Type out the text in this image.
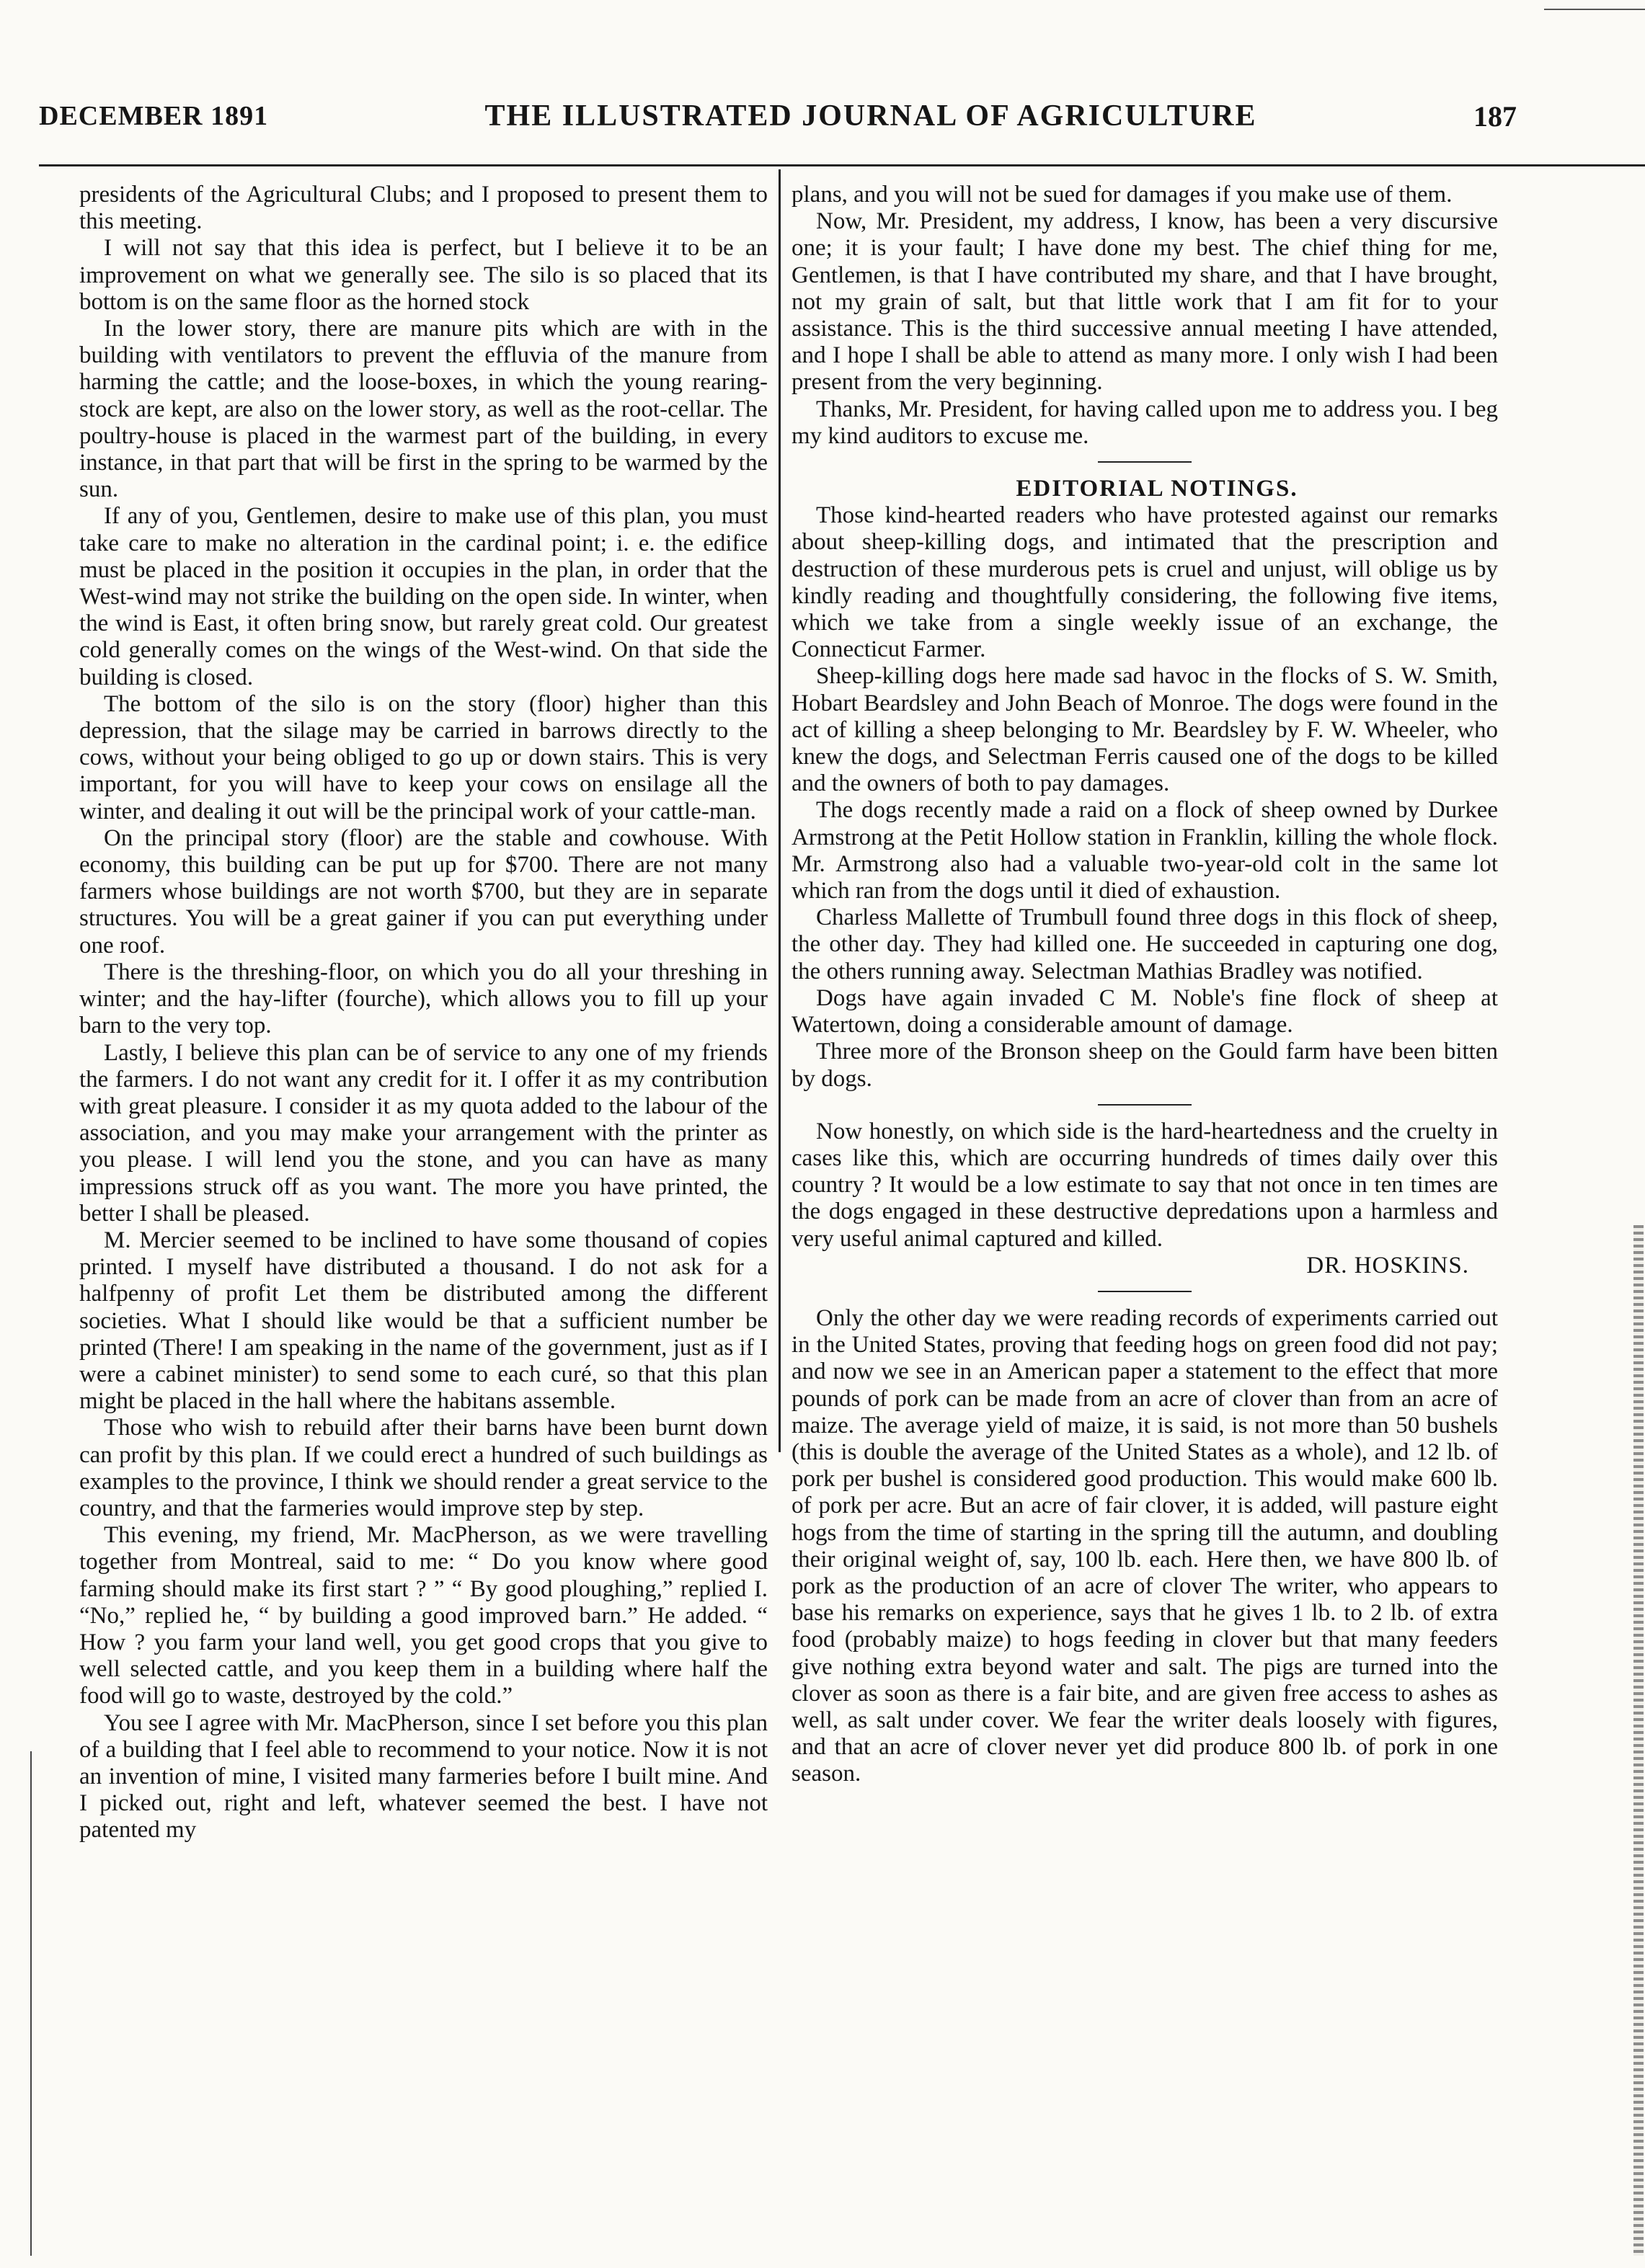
DECEMBER 1891	THE ILLUSTRATED JOURNAL OF AGRICULTURE	187

presidents of the Agricultural Clubs; and I proposed to present them to this meeting.

I will not say that this idea is perfect, but I believe it to be an improvement on what we generally see. The silo is so placed that its bottom is on the same floor as the horned stock

In the lower story, there are manure pits which are with in the building with ventilators to prevent the effluvia of the manure from harming the cattle; and the loose-boxes, in which the young rearing-stock are kept, are also on the lower story, as well as the root-cellar. The poultry-house is placed in the warmest part of the building, in every instance, in that part that will be first in the spring to be warmed by the sun.

If any of you, Gentlemen, desire to make use of this plan, you must take care to make no alteration in the cardinal point; i. e. the edifice must be placed in the position it occupies in the plan, in order that the West-wind may not strike the building on the open side. In winter, when the wind is East, it often bring snow, but rarely great cold. Our greatest cold generally comes on the wings of the West-wind. On that side the building is closed.

The bottom of the silo is on the story (floor) higher than this depression, that the silage may be carried in barrows directly to the cows, without your being obliged to go up or down stairs. This is very important, for you will have to keep your cows on ensilage all the winter, and dealing it out will be the principal work of your cattle-man.

On the principal story (floor) are the stable and cowhouse. With economy, this building can be put up for $700. There are not many farmers whose buildings are not worth $700, but they are in separate structures. You will be a great gainer if you can put everything under one roof.

There is the threshing-floor, on which you do all your threshing in winter; and the hay-lifter (fourche), which allows you to fill up your barn to the very top.

Lastly, I believe this plan can be of service to any one of my friends the farmers. I do not want any credit for it. I offer it as my contribution with great pleasure. I consider it as my quota added to the labour of the association, and you may make your arrangement with the printer as you please. I will lend you the stone, and you can have as many impressions struck off as you want. The more you have printed, the better I shall be pleased.

M. Mercier seemed to be inclined to have some thousand of copies printed. I myself have distributed a thousand. I do not ask for a halfpenny of profit Let them be distributed among the different societies. What I should like would be that a sufficient number be printed (There! I am speaking in the name of the government, just as if I were a cabinet minister) to send some to each curé, so that this plan might be placed in the hall where the habitans assemble.

Those who wish to rebuild after their barns have been burnt down can profit by this plan. If we could erect a hundred of such buildings as examples to the province, I think we should render a great service to the country, and that the farmeries would improve step by step.

This evening, my friend, Mr. MacPherson, as we were travelling together from Montreal, said to me: “ Do you know where good farming should make its first start ? ” “ By good ploughing,” replied I. “No,” replied he, “ by building a good improved barn.” He added. “ How ? you farm your land well, you get good crops that you give to well selected cattle, and you keep them in a building where half the food will go to waste, destroyed by the cold.”

You see I agree with Mr. MacPherson, since I set before you this plan of a building that I feel able to recommend to your notice. Now it is not an invention of mine, I visited many farmeries before I built mine. And I picked out, right and left, whatever seemed the best. I have not patented my

plans, and you will not be sued for damages if you make use of them.

Now, Mr. President, my address, I know, has been a very discursive one; it is your fault; I have done my best. The chief thing for me, Gentlemen, is that I have contributed my share, and that I have brought, not my grain of salt, but that little work that I am fit for to your assistance. This is the third successive annual meeting I have attended, and I hope I shall be able to attend as many more. I only wish I had been present from the very beginning.

Thanks, Mr. President, for having called upon me to address you. I beg my kind auditors to excuse me.

EDITORIAL NOTINGS.

Those kind-hearted readers who have protested against our remarks about sheep-killing dogs, and intimated that the prescription and destruction of these murderous pets is cruel and unjust, will oblige us by kindly reading and thoughtfully considering, the following five items, which we take from a single weekly issue of an exchange, the Connecticut Farmer.

Sheep-killing dogs here made sad havoc in the flocks of S. W. Smith, Hobart Beardsley and John Beach of Monroe. The dogs were found in the act of killing a sheep belonging to Mr. Beardsley by F. W. Wheeler, who knew the dogs, and Selectman Ferris caused one of the dogs to be killed and the owners of both to pay damages.

The dogs recently made a raid on a flock of sheep owned by Durkee Armstrong at the Petit Hollow station in Franklin, killing the whole flock. Mr. Armstrong also had a valuable two-year-old colt in the same lot which ran from the dogs until it died of exhaustion.

Charless Mallette of Trumbull found three dogs in this flock of sheep, the other day. They had killed one. He succeeded in capturing one dog, the others running away. Selectman Mathias Bradley was notified.

Dogs have again invaded C M. Noble's fine flock of sheep at Watertown, doing a considerable amount of damage.

Three more of the Bronson sheep on the Gould farm have been bitten by dogs.

Now honestly, on which side is the hard-heartedness and the cruelty in cases like this, which are occurring hundreds of times daily over this country ? It would be a low estimate to say that not once in ten times are the dogs engaged in these destructive depredations upon a harmless and very useful animal captured and killed.

DR. HOSKINS.

Only the other day we were reading records of experiments carried out in the United States, proving that feeding hogs on green food did not pay; and now we see in an American paper a statement to the effect that more pounds of pork can be made from an acre of clover than from an acre of maize. The average yield of maize, it is said, is not more than 50 bushels (this is double the average of the United States as a whole), and 12 lb. of pork per bushel is considered good production. This would make 600 lb. of pork per acre. But an acre of fair clover, it is added, will pasture eight hogs from the time of starting in the spring till the autumn, and doubling their original weight of, say, 100 lb. each. Here then, we have 800 lb. of pork as the production of an acre of clover The writer, who appears to base his remarks on experience, says that he gives 1 lb. to 2 lb. of extra food (probably maize) to hogs feeding in clover but that many feeders give nothing extra beyond water and salt. The pigs are turned into the clover as soon as there is a fair bite, and are given free access to ashes as well, as salt under cover. We fear the writer deals loosely with figures, and that an acre of clover never yet did produce 800 lb. of pork in one season.
